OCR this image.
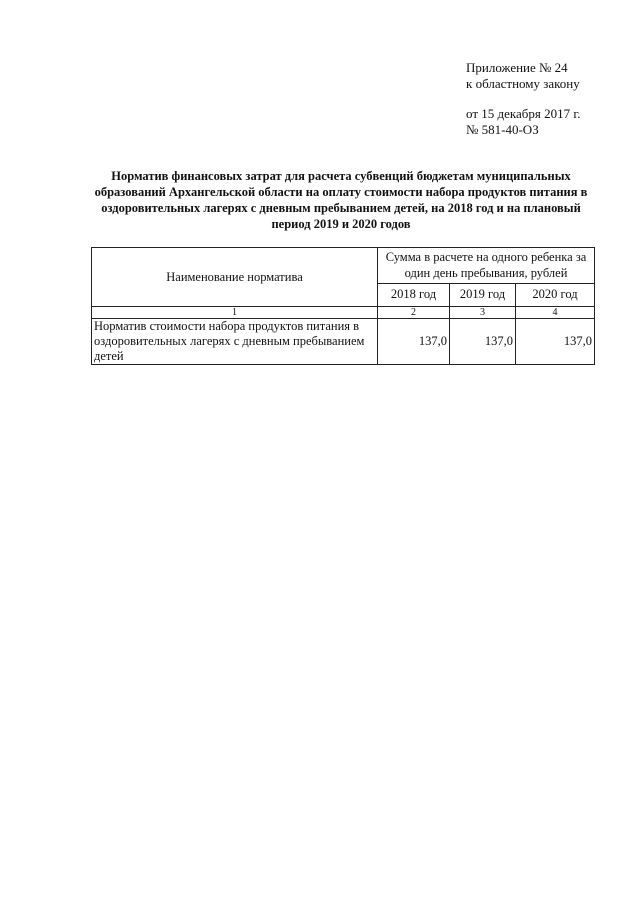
Приложение № 24
к областному закону
от 15 декабря 2017 г.
№ 581-40-ОЗ
Норматив финансовых затрат для расчета субвенций бюджетам муниципальных образований Архангельской области на оплату стоимости набора продуктов питания в оздоровительных лагерях с дневным пребыванием детей, на 2018 год и на плановый период 2019 и 2020 годов
Наименование норматива	Сумма в расчете на одного ребенка за один день пребывания, рублей		
	2018 год	2019 год	2020 год
1	2	3	4
Норматив стоимости набора продуктов питания в оздоровительных лагерях с дневным пребыванием детей	137,0	137,0	137,0
